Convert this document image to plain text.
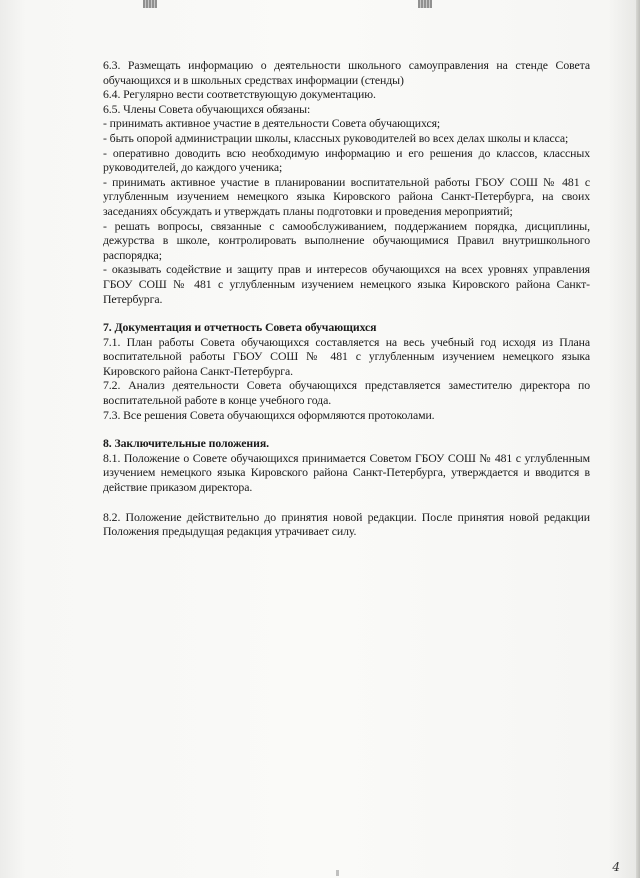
6.3. Размещать информацию о деятельности школьного самоуправления на стенде Совета обучающихся и в школьных средствах информации (стенды)

6.4. Регулярно вести соответствующую документацию.

6.5. Члены Совета обучающихся обязаны:

- принимать активное участие в деятельности Совета обучающихся;

- быть опорой администрации школы, классных руководителей во всех делах школы и класса;

- оперативно доводить всю необходимую информацию и его решения до классов, классных руководителей, до каждого ученика;

- принимать активное участие в планировании воспитательной работы ГБОУ СОШ № 481 с углубленным изучением немецкого языка Кировского района Санкт-Петербурга, на своих заседаниях обсуждать и утверждать планы подготовки и проведения мероприятий;

- решать вопросы, связанные с самообслуживанием, поддержанием порядка, дисциплины, дежурства в школе, контролировать выполнение обучающимися Правил внутришкольного распорядка;

- оказывать содействие и защиту прав и интересов обучающихся на всех уровнях управления ГБОУ СОШ № 481 с углубленным изучением немецкого языка Кировского района Санкт-Петербурга.

7. Документация и отчетность Совета обучающихся

7.1. План работы Совета обучающихся составляется на весь учебный год исходя из Плана воспитательной работы ГБОУ СОШ № 481 с углубленным изучением немецкого языка Кировского района Санкт-Петербурга.

7.2. Анализ деятельности Совета обучающихся представляется заместителю директора по воспитательной работе в конце учебного года.

7.3. Все решения Совета обучающихся оформляются протоколами.

8. Заключительные положения.

8.1. Положение о Совете обучающихся принимается Советом ГБОУ СОШ № 481 с углубленным изучением немецкого языка Кировского района Санкт-Петербурга, утверждается и вводится в действие приказом директора.

8.2. Положение действительно до принятия новой редакции. После принятия новой редакции Положения предыдущая редакция утрачивает силу.

4
